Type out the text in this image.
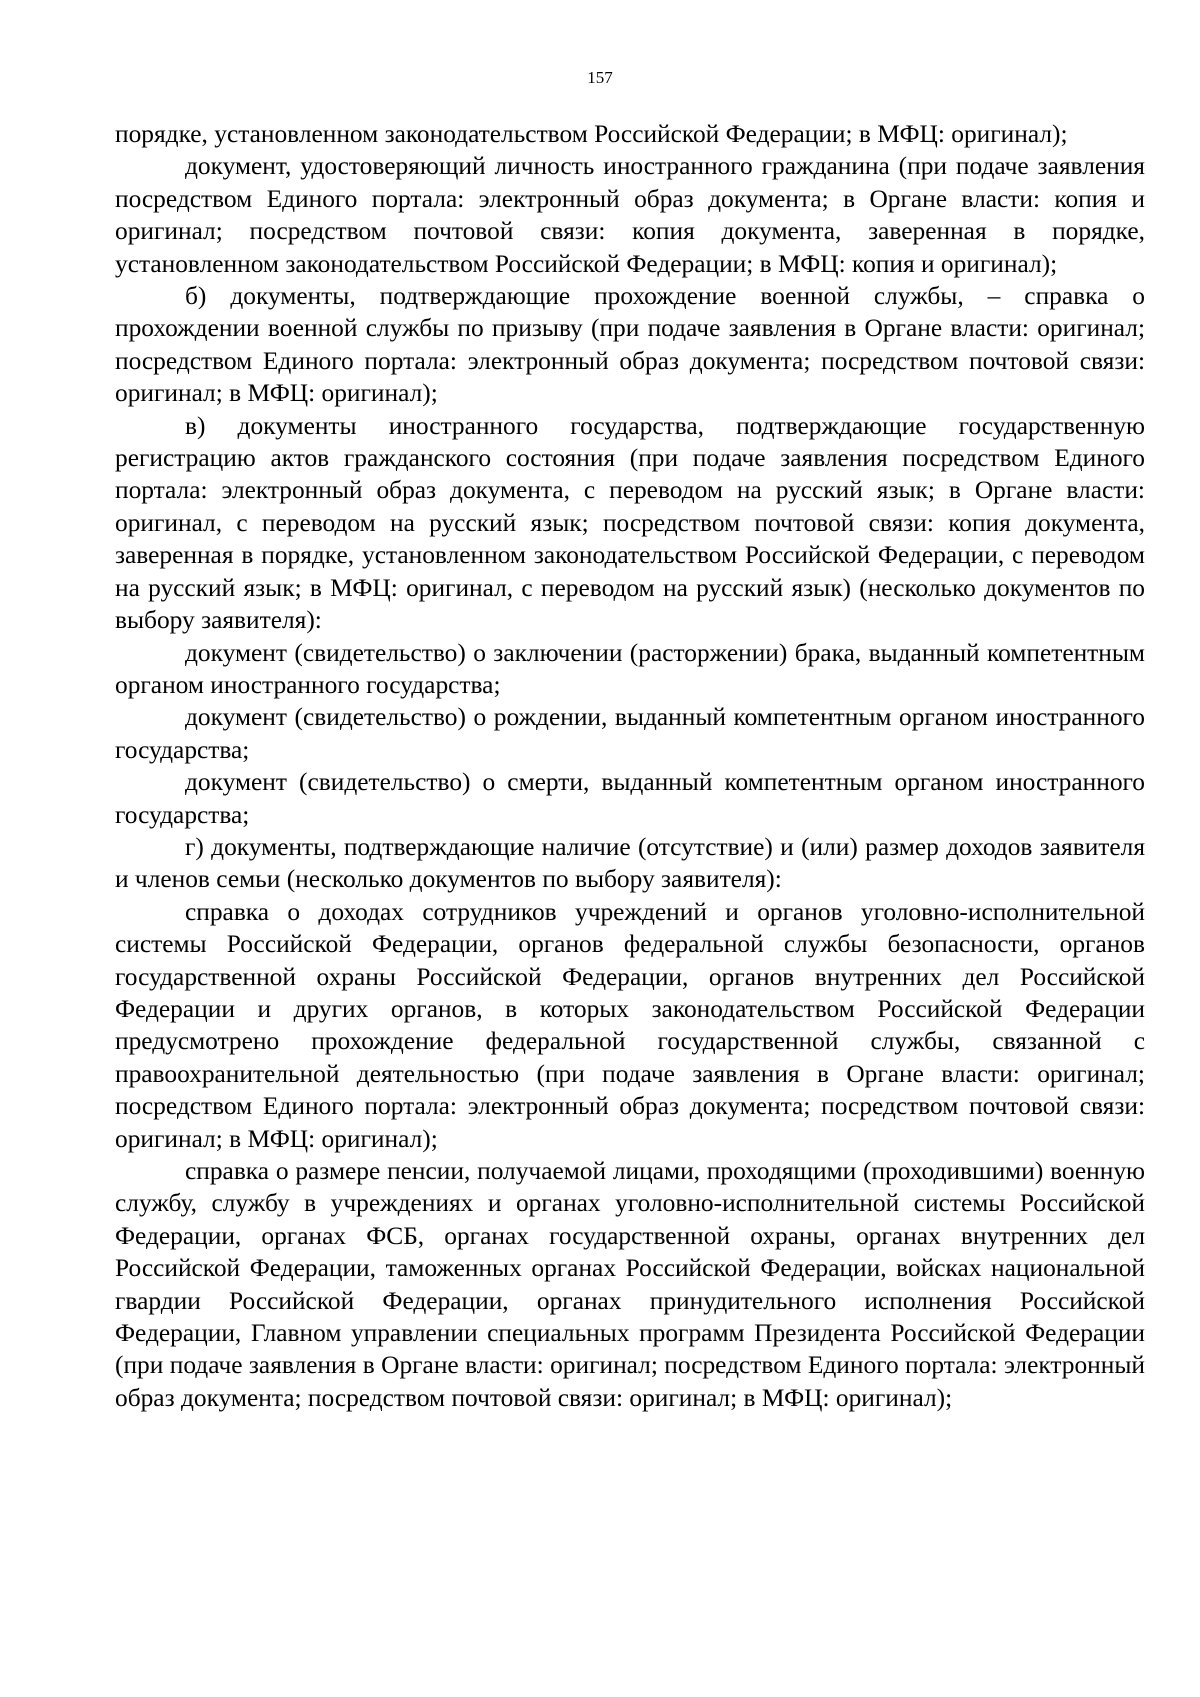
157

порядке, установленном законодательством Российской Федерации; в МФЦ: оригинал);

документ, удостоверяющий личность иностранного гражданина (при подаче заявления посредством Единого портала: электронный образ документа; в Органе власти: копия и оригинал; посредством почтовой связи: копия документа, заверенная в порядке, установленном законодательством Российской Федерации; в МФЦ: копия и оригинал);

б) документы, подтверждающие прохождение военной службы, – справка о прохождении военной службы по призыву (при подаче заявления в Органе власти: оригинал; посредством Единого портала: электронный образ документа; посредством почтовой связи: оригинал; в МФЦ: оригинал);

в) документы иностранного государства, подтверждающие государственную регистрацию актов гражданского состояния (при подаче заявления посредством Единого портала: электронный образ документа, с переводом на русский язык; в Органе власти: оригинал, с переводом на русский язык; посредством почтовой связи: копия документа, заверенная в порядке, установленном законодательством Российской Федерации, с переводом на русский язык; в МФЦ: оригинал, с переводом на русский язык) (несколько документов по выбору заявителя):

документ (свидетельство) о заключении (расторжении) брака, выданный компетентным органом иностранного государства;

документ (свидетельство) о рождении, выданный компетентным органом иностранного государства;

документ (свидетельство) о смерти, выданный компетентным органом иностранного государства;

г) документы, подтверждающие наличие (отсутствие) и (или) размер доходов заявителя и членов семьи (несколько документов по выбору заявителя):

справка о доходах сотрудников учреждений и органов уголовно-исполнительной системы Российской Федерации, органов федеральной службы безопасности, органов государственной охраны Российской Федерации, органов внутренних дел Российской Федерации и других органов, в которых законодательством Российской Федерации предусмотрено прохождение федеральной государственной службы, связанной с правоохранительной деятельностью (при подаче заявления в Органе власти: оригинал; посредством Единого портала: электронный образ документа; посредством почтовой связи: оригинал; в МФЦ: оригинал);

справка о размере пенсии, получаемой лицами, проходящими (проходившими) военную службу, службу в учреждениях и органах уголовно-исполнительной системы Российской Федерации, органах ФСБ, органах государственной охраны, органах внутренних дел Российской Федерации, таможенных органах Российской Федерации, войсках национальной гвардии Российской Федерации, органах принудительного исполнения Российской Федерации, Главном управлении специальных программ Президента Российской Федерации (при подаче заявления в Органе власти: оригинал; посредством Единого портала: электронный образ документа; посредством почтовой связи: оригинал; в МФЦ: оригинал);
